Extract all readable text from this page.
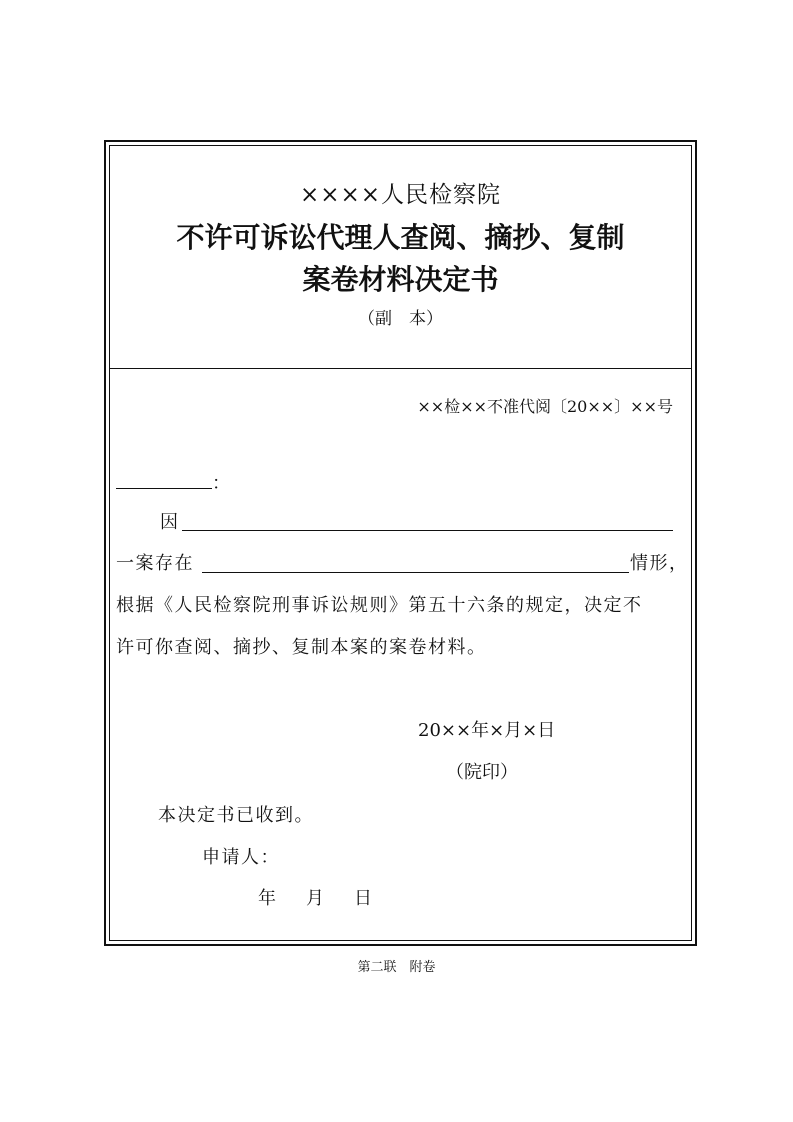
××××人民检察院
不许可诉讼代理人查阅、摘抄、复制
案卷材料决定书
（副　本）
××检××不准代阅〔20××〕××号
：
因
一案存在	情形，
根据《人民检察院刑事诉讼规则》第五十六条的规定，决定不
许可你查阅、摘抄、复制本案的案卷材料。
20××年×月×日
（院印）
本决定书已收到。
申请人：
年　月　日
第二联　附卷
